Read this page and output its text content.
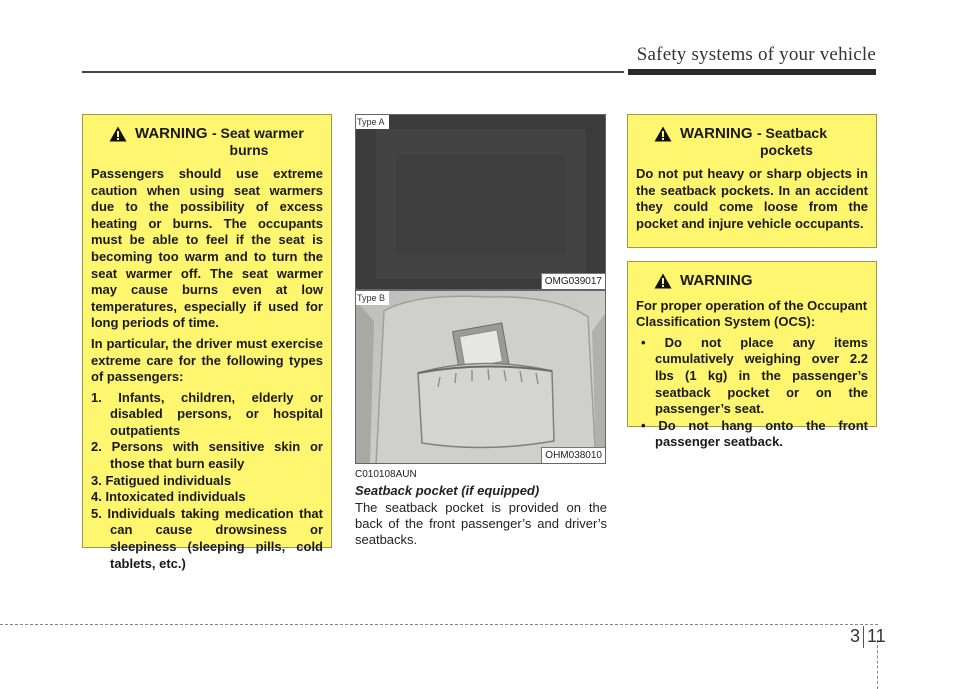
Safety systems of your vehicle
WARNING - Seat warmer
burns

Passengers should use extreme caution when using seat warmers due to the possibility of excess heating or burns. The occupants must be able to feel if the seat is becoming too warm and to turn the seat warmer off. The seat warmer may cause burns even at low temperatures, especially if used for long periods of time.

In particular, the driver must exercise extreme care for the following types of passengers:

1. Infants, children, elderly or disabled persons, or hospital outpatients
2. Persons with sensitive skin or those that burn easily
3. Fatigued individuals
4. Intoxicated individuals
5. Individuals taking medication that can cause drowsiness or sleepiness (sleeping pills, cold tablets, etc.)
Type A
OMG039017
Type B
OHM038010
C010108AUN
Seatback pocket (if equipped)
The seatback pocket is provided on the back of the front passenger’s and driver’s seatbacks.
WARNING - Seatback
pockets

Do not put heavy or sharp objects in the seatback pockets. In an accident they could come loose from the pocket and injure vehicle occupants.

WARNING

For proper operation of the Occupant Classification System (OCS):

• Do not place any items cumulatively weighing over 2.2 lbs (1 kg) in the passenger’s seatback pocket or on the passenger’s seat.
• Do not hang onto the front passenger seatback.
3 11
